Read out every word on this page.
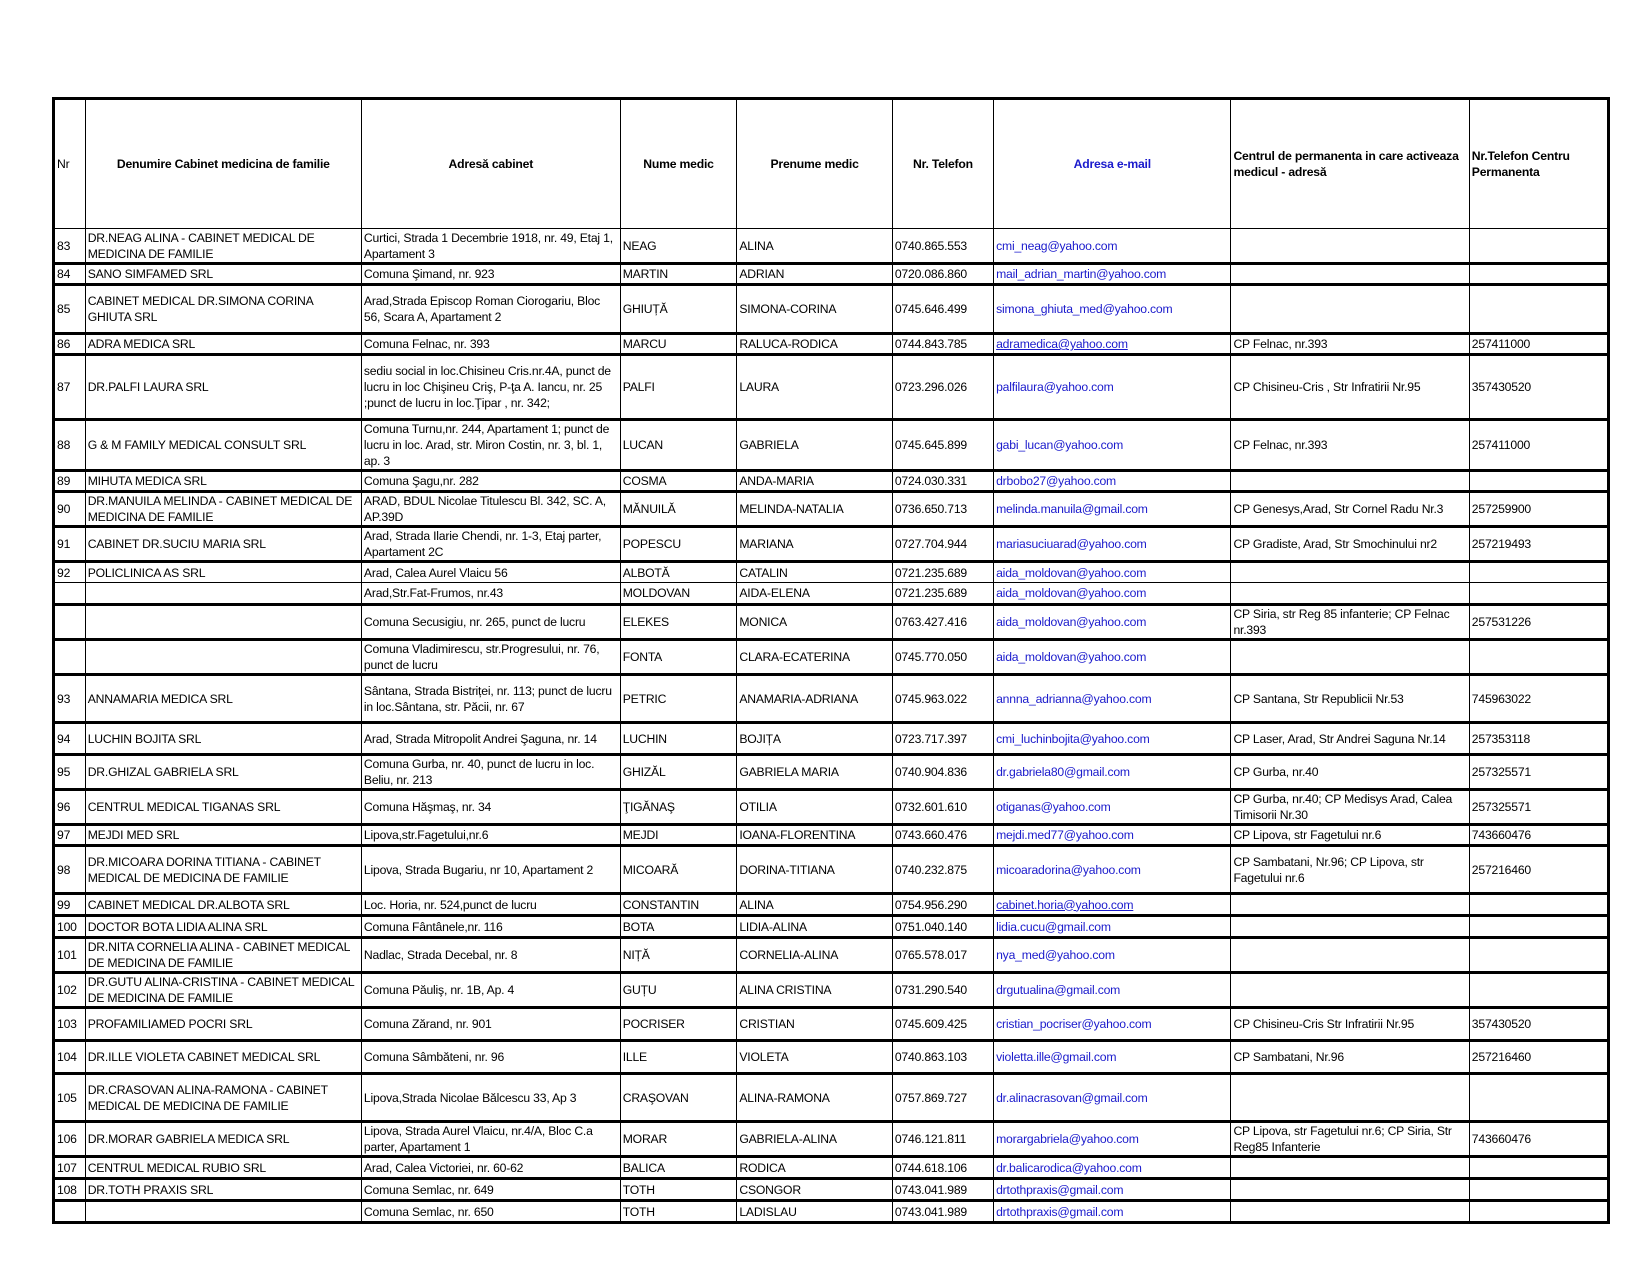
Nr	Denumire Cabinet medicina de familie	Adresă cabinet	Nume medic	Prenume medic	Nr. Telefon	Adresa e-mail	Centrul de permanenta in care activeaza medicul - adresă	Nr.Telefon Centru Permanenta
83	DR.NEAG ALINA - CABINET MEDICAL DE MEDICINA DE FAMILIE	Curtici, Strada 1 Decembrie 1918, nr. 49, Etaj 1, Apartament 3	NEAG	ALINA	0740.865.553	cmi_neag@yahoo.com		
84	SANO SIMFAMED SRL	Comuna Şimand, nr. 923	MARTIN	ADRIAN	0720.086.860	mail_adrian_martin@yahoo.com		
85	CABINET MEDICAL DR.SIMONA CORINA GHIUTA SRL	Arad,Strada Episcop Roman Ciorogariu, Bloc 56, Scara A, Apartament 2	GHIUȚĂ	SIMONA-CORINA	0745.646.499	simona_ghiuta_med@yahoo.com		
86	ADRA MEDICA SRL	Comuna Felnac, nr. 393	MARCU	RALUCA-RODICA	0744.843.785	adramedica@yahoo.com	CP Felnac, nr.393	257411000
87	DR.PALFI LAURA SRL	sediu social in loc.Chisineu Cris.nr.4A, punct de lucru in loc Chişineu Criş, P-ţa A. Iancu, nr. 25 ;punct de lucru in loc.Ţipar , nr. 342;	PALFI	LAURA	0723.296.026	palfilaura@yahoo.com	CP Chisineu-Cris , Str Infratirii Nr.95	357430520
88	G & M FAMILY MEDICAL CONSULT SRL	Comuna Turnu,nr. 244, Apartament 1; punct de lucru in loc. Arad, str. Miron Costin, nr. 3, bl. 1, ap. 3	LUCAN	GABRIELA	0745.645.899	gabi_lucan@yahoo.com	CP Felnac, nr.393	257411000
89	MIHUTA MEDICA SRL	Comuna Şagu,nr. 282	COSMA	ANDA-MARIA	0724.030.331	drbobo27@yahoo.com		
90	DR.MANUILA MELINDA - CABINET MEDICAL DE MEDICINA DE FAMILIE	ARAD, BDUL Nicolae Titulescu Bl. 342, SC. A, AP.39D	MĂNUILĂ	MELINDA-NATALIA	0736.650.713	melinda.manuila@gmail.com	CP Genesys,Arad, Str Cornel Radu Nr.3	257259900
91	CABINET DR.SUCIU MARIA SRL	Arad, Strada Ilarie Chendi, nr. 1-3, Etaj parter, Apartament 2C	POPESCU	MARIANA	0727.704.944	mariasuciuarad@yahoo.com	CP Gradiste, Arad, Str Smochinului nr2	257219493
92	POLICLINICA AS SRL	Arad, Calea Aurel Vlaicu 56	ALBOTĂ	CATALIN	0721.235.689	aida_moldovan@yahoo.com		
		Arad,Str.Fat-Frumos, nr.43	MOLDOVAN	AIDA-ELENA	0721.235.689	aida_moldovan@yahoo.com		
		Comuna Secusigiu, nr. 265, punct de lucru	ELEKES	MONICA	0763.427.416	aida_moldovan@yahoo.com	CP Siria, str Reg 85 infanterie; CP Felnac nr.393	257531226
		Comuna Vladimirescu, str.Progresului, nr. 76, punct de lucru	FONTA	CLARA-ECATERINA	0745.770.050	aida_moldovan@yahoo.com		
93	ANNAMARIA MEDICA SRL	Sântana, Strada Bistriței, nr. 113; punct de lucru in loc.Sântana, str. Păcii, nr. 67	PETRIC	ANAMARIA-ADRIANA	0745.963.022	annna_adrianna@yahoo.com	CP Santana, Str Republicii Nr.53	745963022
94	LUCHIN BOJITA SRL	Arad, Strada Mitropolit Andrei Şaguna, nr. 14	LUCHIN	BOJIȚA	0723.717.397	cmi_luchinbojita@yahoo.com	CP Laser, Arad, Str Andrei Saguna Nr.14	257353118
95	DR.GHIZAL GABRIELA SRL	Comuna Gurba, nr. 40, punct de lucru in loc. Beliu, nr. 213	GHIZĂL	GABRIELA MARIA	0740.904.836	dr.gabriela80@gmail.com	CP Gurba, nr.40	257325571
96	CENTRUL MEDICAL TIGANAS SRL	Comuna Hăşmaş, nr. 34	ŢIGĂNAŞ	OTILIA	0732.601.610	otiganas@yahoo.com	CP Gurba, nr.40; CP Medisys Arad, Calea Timisorii Nr.30	257325571
97	MEJDI MED SRL	Lipova,str.Fagetului,nr.6	MEJDI	IOANA-FLORENTINA	0743.660.476	mejdi.med77@yahoo.com	CP Lipova, str Fagetului nr.6	743660476
98	DR.MICOARA DORINA TITIANA - CABINET MEDICAL DE MEDICINA DE FAMILIE	Lipova, Strada Bugariu, nr 10, Apartament 2	MICOARĂ	DORINA-TITIANA	0740.232.875	micoaradorina@yahoo.com	CP Sambatani, Nr.96; CP Lipova, str Fagetului nr.6	257216460
99	CABINET MEDICAL DR.ALBOTA SRL	Loc. Horia, nr. 524,punct de lucru	CONSTANTIN	ALINA	0754.956.290	cabinet.horia@yahoo.com		
100	DOCTOR BOTA LIDIA ALINA SRL	Comuna Fântânele,nr. 116	BOTA	LIDIA-ALINA	0751.040.140	lidia.cucu@gmail.com		
101	DR.NITA CORNELIA ALINA - CABINET MEDICAL DE MEDICINA DE FAMILIE	Nadlac, Strada Decebal, nr. 8	NIȚĂ	CORNELIA-ALINA	0765.578.017	nya_med@yahoo.com		
102	DR.GUTU ALINA-CRISTINA - CABINET MEDICAL DE MEDICINA DE FAMILIE	Comuna Păuliş, nr. 1B, Ap. 4	GUȚU	ALINA CRISTINA	0731.290.540	drgutualina@gmail.com		
103	PROFAMILIAMED POCRI SRL	Comuna Zărand, nr. 901	POCRISER	CRISTIAN	0745.609.425	cristian_pocriser@yahoo.com	CP Chisineu-Cris Str Infratirii Nr.95	357430520
104	DR.ILLE VIOLETA CABINET MEDICAL SRL	Comuna Sâmbăteni, nr. 96	ILLE	VIOLETA	0740.863.103	violetta.ille@gmail.com	CP Sambatani, Nr.96	257216460
105	DR.CRASOVAN ALINA-RAMONA - CABINET MEDICAL DE MEDICINA DE FAMILIE	Lipova,Strada Nicolae Bălcescu 33, Ap 3	CRAŞOVAN	ALINA-RAMONA	0757.869.727	dr.alinacrasovan@gmail.com		
106	DR.MORAR GABRIELA MEDICA SRL	Lipova, Strada Aurel Vlaicu, nr.4/A, Bloc C.a parter, Apartament 1	MORAR	GABRIELA-ALINA	0746.121.811	morargabriela@yahoo.com	CP Lipova, str Fagetului nr.6; CP Siria, Str Reg85 Infanterie	743660476
107	CENTRUL MEDICAL RUBIO SRL	Arad, Calea Victoriei, nr. 60-62	BALICA	RODICA	0744.618.106	dr.balicarodica@yahoo.com		
108	DR.TOTH PRAXIS SRL	Comuna Semlac, nr. 649	TOTH	CSONGOR	0743.041.989	drtothpraxis@gmail.com		
		Comuna Semlac, nr. 650	TOTH	LADISLAU	0743.041.989	drtothpraxis@gmail.com		
